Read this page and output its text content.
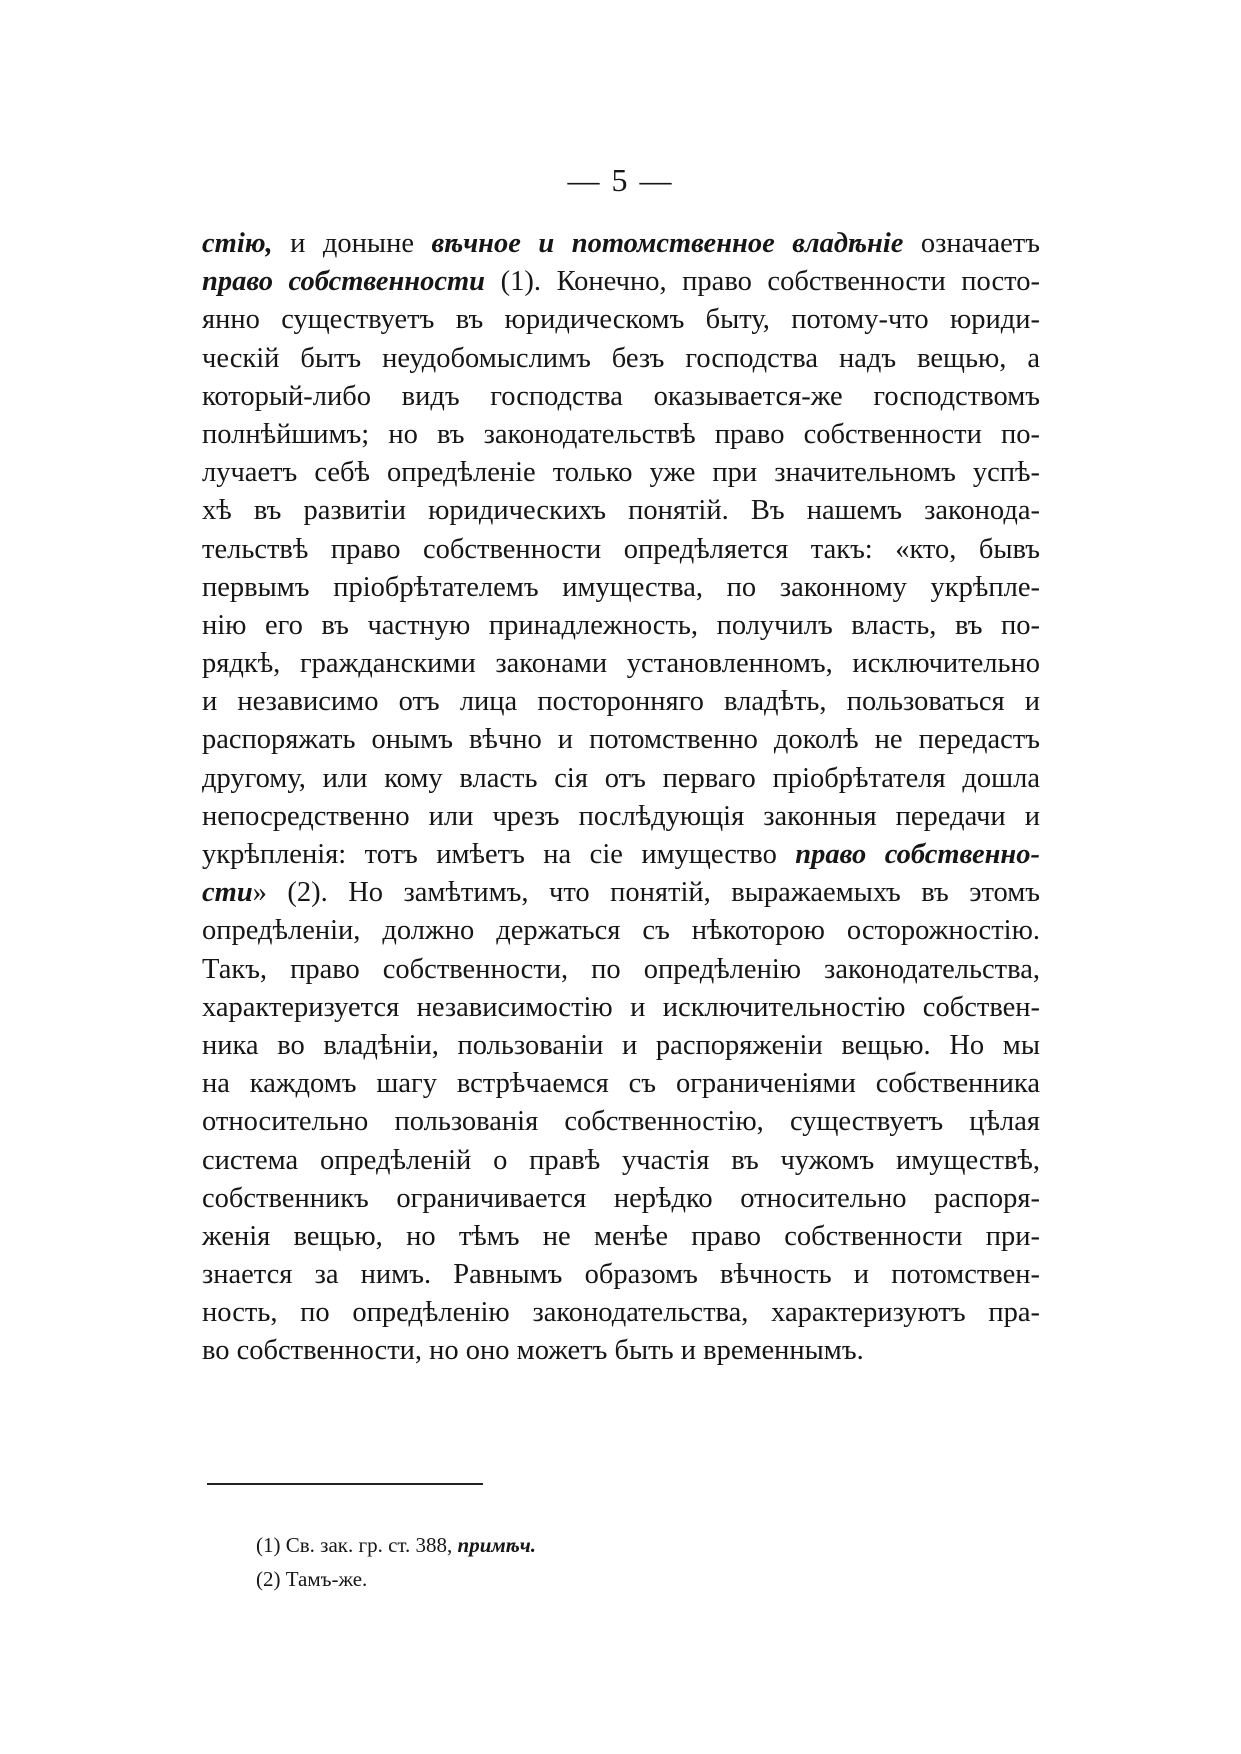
— 5 —
стію, и доныне вѣчное и потомственное владѣніе означаетъ
право собственности (1). Конечно, право собственности посто-
янно существуетъ въ юридическомъ быту, потому-что юриди-
ческій бытъ неудобомыслимъ безъ господства надъ вещью, а
который-либо видъ господства оказывается-же господствомъ
полнѣйшимъ; но въ законодательствѣ право собственности по-
лучаетъ себѣ опредѣленіе только уже при значительномъ успѣ-
хѣ въ развитіи юридическихъ понятій. Въ нашемъ законода-
тельствѣ право собственности опредѣляется такъ: «кто, бывъ
первымъ пріобрѣтателемъ имущества, по законному укрѣпле-
нію его въ частную принадлежность, получилъ власть, въ по-
рядкѣ, гражданскими законами установленномъ, исключительно
и независимо отъ лица посторонняго владѣть, пользоваться и
распоряжать онымъ вѣчно и потомственно доколѣ не передастъ
другому, или кому власть сія отъ перваго пріобрѣтателя дошла
непосредственно или чрезъ послѣдующія законныя передачи и
укрѣпленія: тотъ имѣетъ на сіе имущество право собственно-
сти» (2). Но замѣтимъ, что понятій, выражаемыхъ въ этомъ
опредѣленіи, должно держаться съ нѣкоторою осторожностію.
Такъ, право собственности, по опредѣленію законодательства,
характеризуется независимостію и исключительностію собствен-
ника во владѣніи, пользованіи и распоряженіи вещью. Но мы
на каждомъ шагу встрѣчаемся съ ограниченіями собственника
относительно пользованія собственностію, существуетъ цѣлая
система опредѣленій о правѣ участія въ чужомъ имуществѣ,
собственникъ ограничивается нерѣдко относительно распоря-
женія вещью, но тѣмъ не менѣе право собственности при-
знается за нимъ. Равнымъ образомъ вѣчность и потомствен-
ность, по опредѣленію законодательства, характеризуютъ пра-
во собственности, но оно можетъ быть и временнымъ.
(1) Св. зак. гр. ст. 388, примѣч.
(2) Тамъ-же.
